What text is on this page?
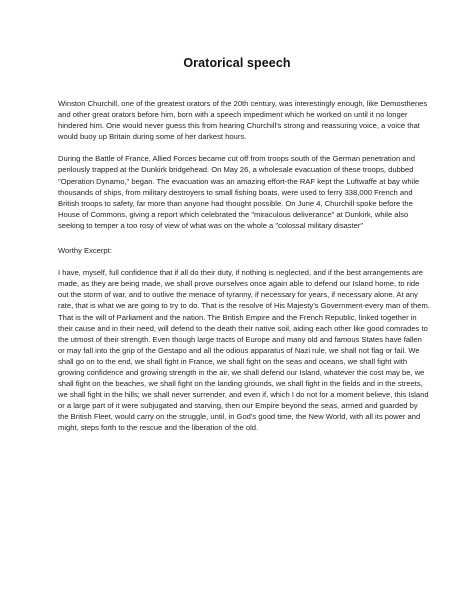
Oratorical speech

Winston Churchill, one of the greatest orators of the 20th century, was interestingly enough, like Demosthenes and other great orators before him, born with a speech impediment which he worked on until it no longer hindered him. One would never guess this from hearing Churchill's strong and reassuring voice, a voice that would buoy up Britain during some of her darkest hours.

During the Battle of France, Allied Forces became cut off from troops south of the German penetration and perilously trapped at the Dunkirk bridgehead. On May 26, a wholesale evacuation of these troops, dubbed "Operation Dynamo," began. The evacuation was an amazing effort-the RAF kept the Luftwaffe at bay while thousands of ships, from military destroyers to small fishing boats, were used to ferry 338,000 French and British troops to safety, far more than anyone had thought possible. On June 4, Churchill spoke before the House of Commons, giving a report which celebrated the "miraculous deliverance" at Dunkirk, while also seeking to temper a too rosy of view of what was on the whole a "colossal military disaster"

Worthy Excerpt:

I have, myself, full confidence that if all do their duty, if nothing is neglected, and if the best arrangements are made, as they are being made, we shall prove ourselves once again able to defend our Island home, to ride out the storm of war, and to outlive the menace of tyranny, if necessary for years, if necessary alone. At any rate, that is what we are going to try to do. That is the resolve of His Majesty's Government-every man of them. That is the will of Parliament and the nation. The British Empire and the French Republic, linked together in their cause and in their need, will defend to the death their native soil, aiding each other like good comrades to the utmost of their strength. Even though large tracts of Europe and many old and famous States have fallen or may fall into the grip of the Gestapo and all the odious apparatus of Nazi rule, we shall not flag or fail. We shall go on to the end, we shall fight in France, we shall fight on the seas and oceans, we shall fight with growing confidence and growing strength in the air, we shall defend our Island, whatever the cost may be, we shall fight on the beaches, we shall fight on the landing grounds, we shall fight in the fields and in the streets, we shall fight in the hills; we shall never surrender, and even if, which I do not for a moment believe, this Island or a large part of it were subjugated and starving, then our Empire beyond the seas, armed and guarded by the British Fleet, would carry on the struggle, until, in God's good time, the New World, with all its power and might, steps forth to the rescue and the liberation of the old.
